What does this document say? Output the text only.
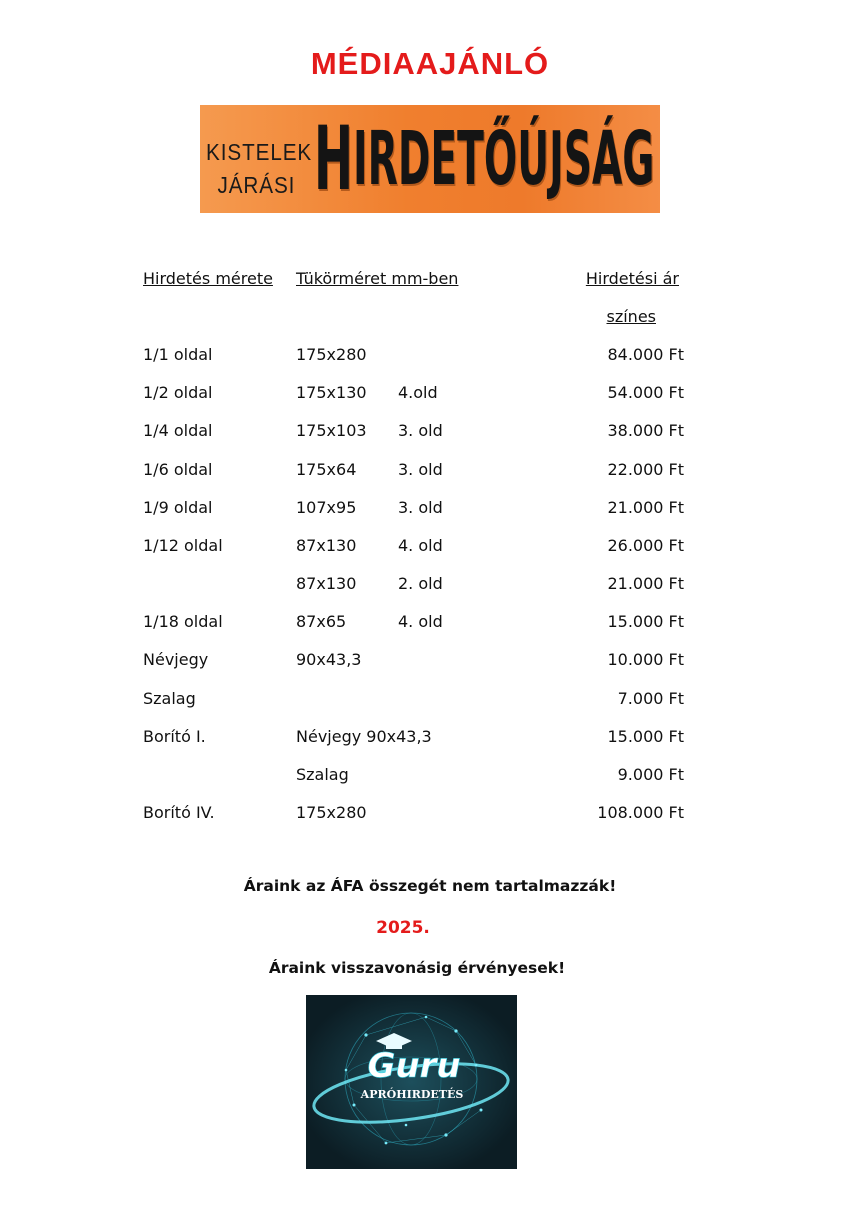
MÉDIAAJÁNLÓ
KISTELEK
JÁRÁSI HIRDETŐÚJSÁG
Hirdetés mérete	Tükörméret mm-ben		Hirdetési ár
			színes
1/1 oldal	175x280		84.000 Ft
1/2 oldal	175x130	4.old	54.000 Ft
1/4 oldal	175x103	3. old	38.000 Ft
1/6 oldal	175x64	3. old	22.000 Ft
1/9 oldal	107x95	3. old	21.000 Ft
1/12 oldal	87x130	4. old	26.000 Ft
	87x130	2. old	21.000 Ft
1/18 oldal	87x65	4. old	15.000 Ft
Névjegy	90x43,3		10.000 Ft
Szalag			7.000 Ft
Borító I.	Névjegy 90x43,3		15.000 Ft
	Szalag		9.000 Ft
Borító IV.	175x280		108.000 Ft
Áraink az ÁFA összegét nem tartalmazzák!
2025.
Áraink visszavonásig érvényesek!
Guru
APRÓHIRDETÉS
